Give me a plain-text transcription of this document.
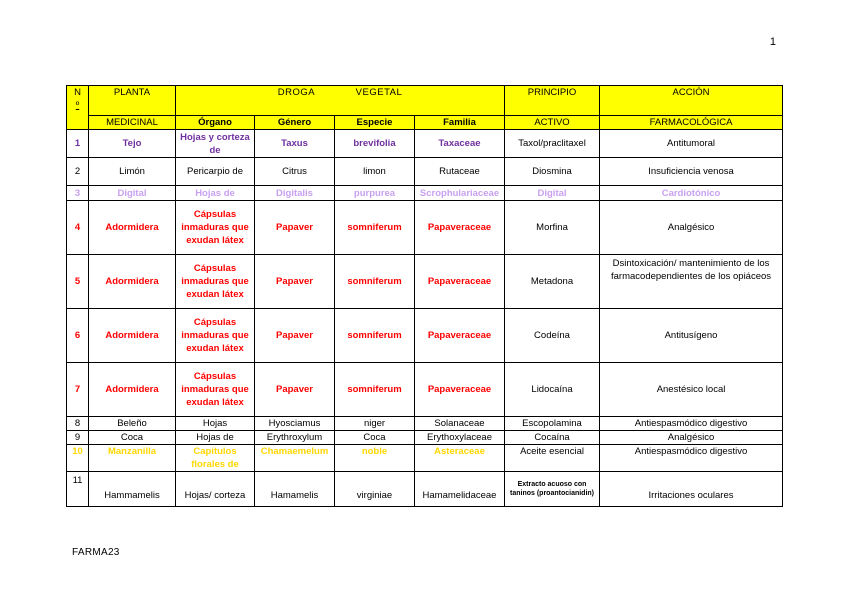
1
N
º	PLANTA	DROGA VEGETAL				PRINCIPIO	ACCIÓN
	MEDICINAL	Órgano	Género	Especie	Familia	ACTIVO	FARMACOLÓGICA
1	Tejo	Hojas y corteza de	Taxus	brevifolia	Taxaceae	Taxol/praclitaxel	Antitumoral
2	Limón	Pericarpio de	Citrus	limon	Rutaceae	Diosmina	Insuficiencia venosa
3	Digital	Hojas de	Digitalis	purpurea	Scrophulariaceae	Digital	Cardiotónico
4	Adormidera	Cápsulas inmaduras que exudan látex	Papaver	somniferum	Papaveraceae	Morfina	Analgésico
5	Adormidera	Cápsulas inmaduras que exudan látex	Papaver	somniferum	Papaveraceae	Metadona	Dsintoxicación/ mantenimiento de los farmacodependientes de los opiáceos
6	Adormidera	Cápsulas inmaduras que exudan látex	Papaver	somniferum	Papaveraceae	Codeína	Antitusígeno
7	Adormidera	Cápsulas inmaduras que exudan látex	Papaver	somniferum	Papaveraceae	Lidocaína	Anestésico local
8	Beleño	Hojas	Hyosciamus	niger	Solanaceae	Escopolamina	Antiespasmódico digestivo
9	Coca	Hojas de	Erythroxylum	Coca	Erythoxylaceae	Cocaína	Analgésico
10	Manzanilla	Capítulos florales de	Chamaemelum	noble	Asteraceae	Aceite esencial	Antiespasmódico digestivo
11	Hammamelis	Hojas/ corteza	Hamamelis	virginiae	Hamamelidaceae	Extracto acuoso con taninos (proantocianidin)	Irritaciones oculares
FARMA23
